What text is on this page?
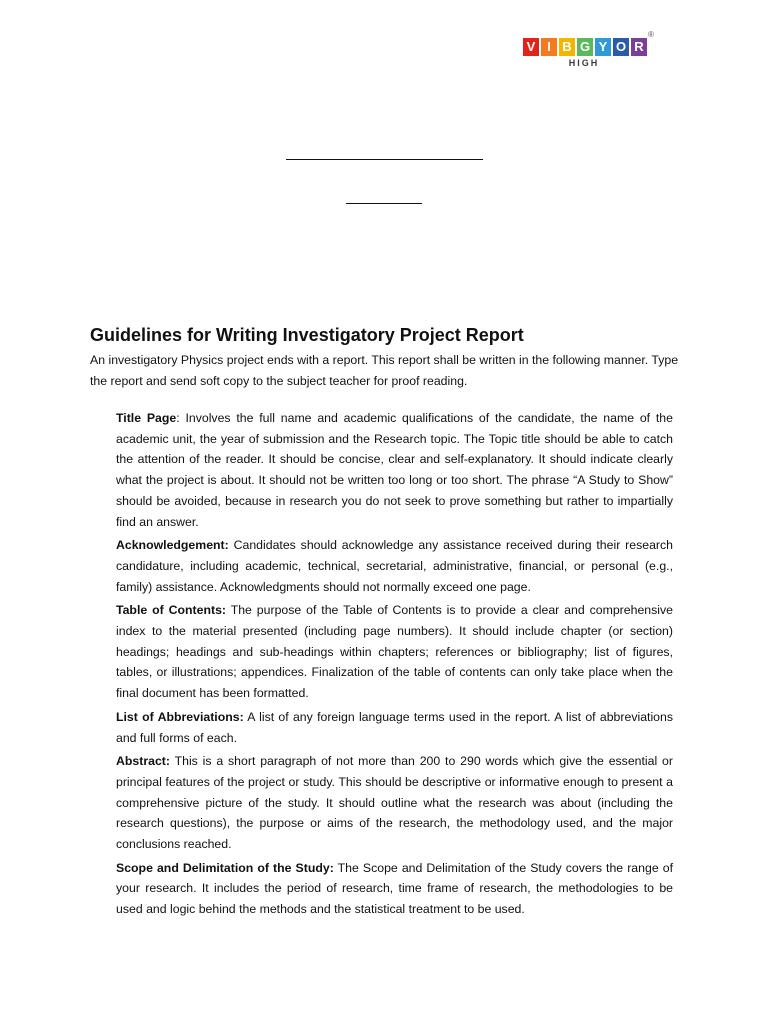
V I B G Y O R
HIGH
®
Guidelines for Writing Investigatory Project Report

An investigatory Physics project ends with a report. This report shall be written in the following manner. Type the report and send soft copy to the subject teacher for proof reading.

Title Page: Involves the full name and academic qualifications of the candidate, the name of the academic unit, the year of submission and the Research topic. The Topic title should be able to catch the attention of the reader. It should be concise, clear and self-explanatory. It should indicate clearly what the project is about. It should not be written too long or too short. The phrase “A Study to Show” should be avoided, because in research you do not seek to prove something but rather to impartially find an answer.

Acknowledgement: Candidates should acknowledge any assistance received during their research candidature, including academic, technical, secretarial, administrative, financial, or personal (e.g., family) assistance. Acknowledgments should not normally exceed one page.

Table of Contents: The purpose of the Table of Contents is to provide a clear and comprehensive index to the material presented (including page numbers). It should include chapter (or section) headings; headings and sub-headings within chapters; references or bibliography; list of figures, tables, or illustrations; appendices. Finalization of the table of contents can only take place when the final document has been formatted.

List of Abbreviations: A list of any foreign language terms used in the report. A list of abbreviations and full forms of each.

Abstract: This is a short paragraph of not more than 200 to 290 words which give the essential or principal features of the project or study. This should be descriptive or informative enough to present a comprehensive picture of the study. It should outline what the research was about (including the research questions), the purpose or aims of the research, the methodology used, and the major conclusions reached.

Scope and Delimitation of the Study: The Scope and Delimitation of the Study covers the range of your research. It includes the period of research, time frame of research, the methodologies to be used and logic behind the methods and the statistical treatment to be used.
